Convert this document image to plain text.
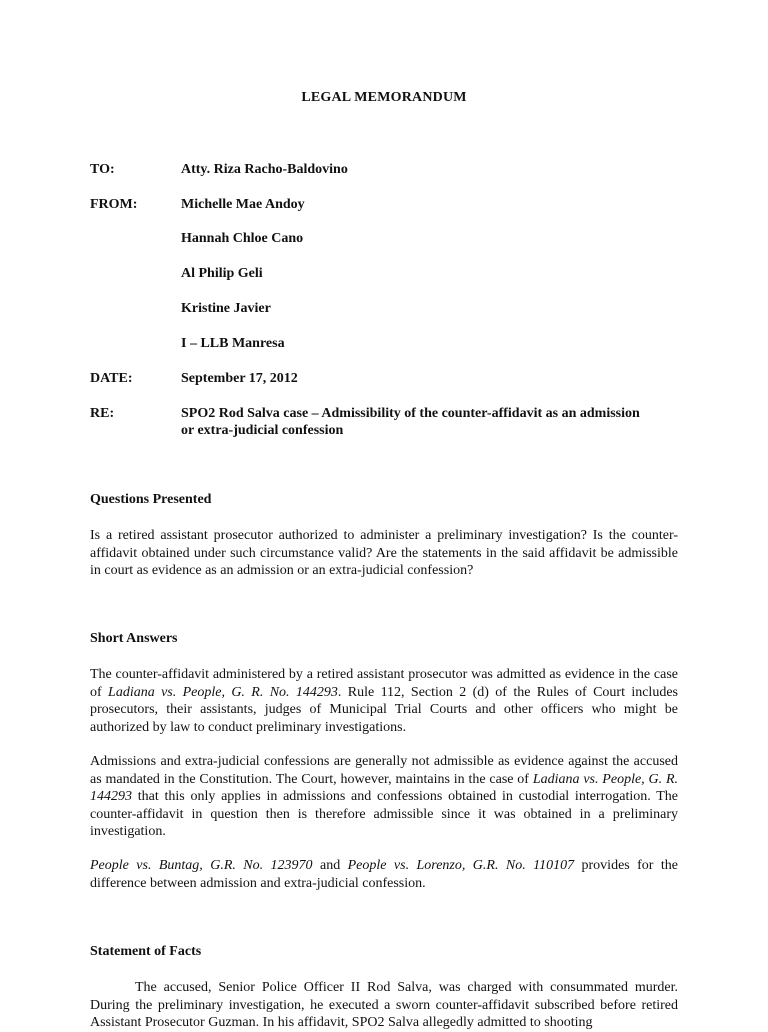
LEGAL MEMORANDUM
TO:	Atty. Riza Racho-Baldovino
FROM:	Michelle Mae Andoy
Hannah Chloe Cano
Al Philip Geli
Kristine Javier
I – LLB Manresa
DATE:	September 17, 2012
RE:	SPO2 Rod Salva case – Admissibility of the counter-affidavit as an admission
or extra-judicial confession
Questions Presented

Is a retired assistant prosecutor authorized to administer a preliminary investigation? Is the counter-affidavit obtained under such circumstance valid? Are the statements in the said affidavit be admissible in court as evidence as an admission or an extra-judicial confession?

Short Answers

The counter-affidavit administered by a retired assistant prosecutor was admitted as evidence in the case of Ladiana vs. People, G. R. No. 144293. Rule 112, Section 2 (d) of the Rules of Court includes prosecutors, their assistants, judges of Municipal Trial Courts and other officers who might be authorized by law to conduct preliminary investigations.

Admissions and extra-judicial confessions are generally not admissible as evidence against the accused as mandated in the Constitution. The Court, however, maintains in the case of Ladiana vs. People, G. R. 144293 that this only applies in admissions and confessions obtained in custodial interrogation. The counter-affidavit in question then is therefore admissible since it was obtained in a preliminary investigation.

People vs. Buntag, G.R. No. 123970 and People vs. Lorenzo, G.R. No. 110107 provides for the difference between admission and extra-judicial confession.

Statement of Facts

The accused, Senior Police Officer II Rod Salva, was charged with consummated murder. During the preliminary investigation, he executed a sworn counter-affidavit subscribed before retired Assistant Prosecutor Guzman. In his affidavit, SPO2 Salva allegedly admitted to shooting
